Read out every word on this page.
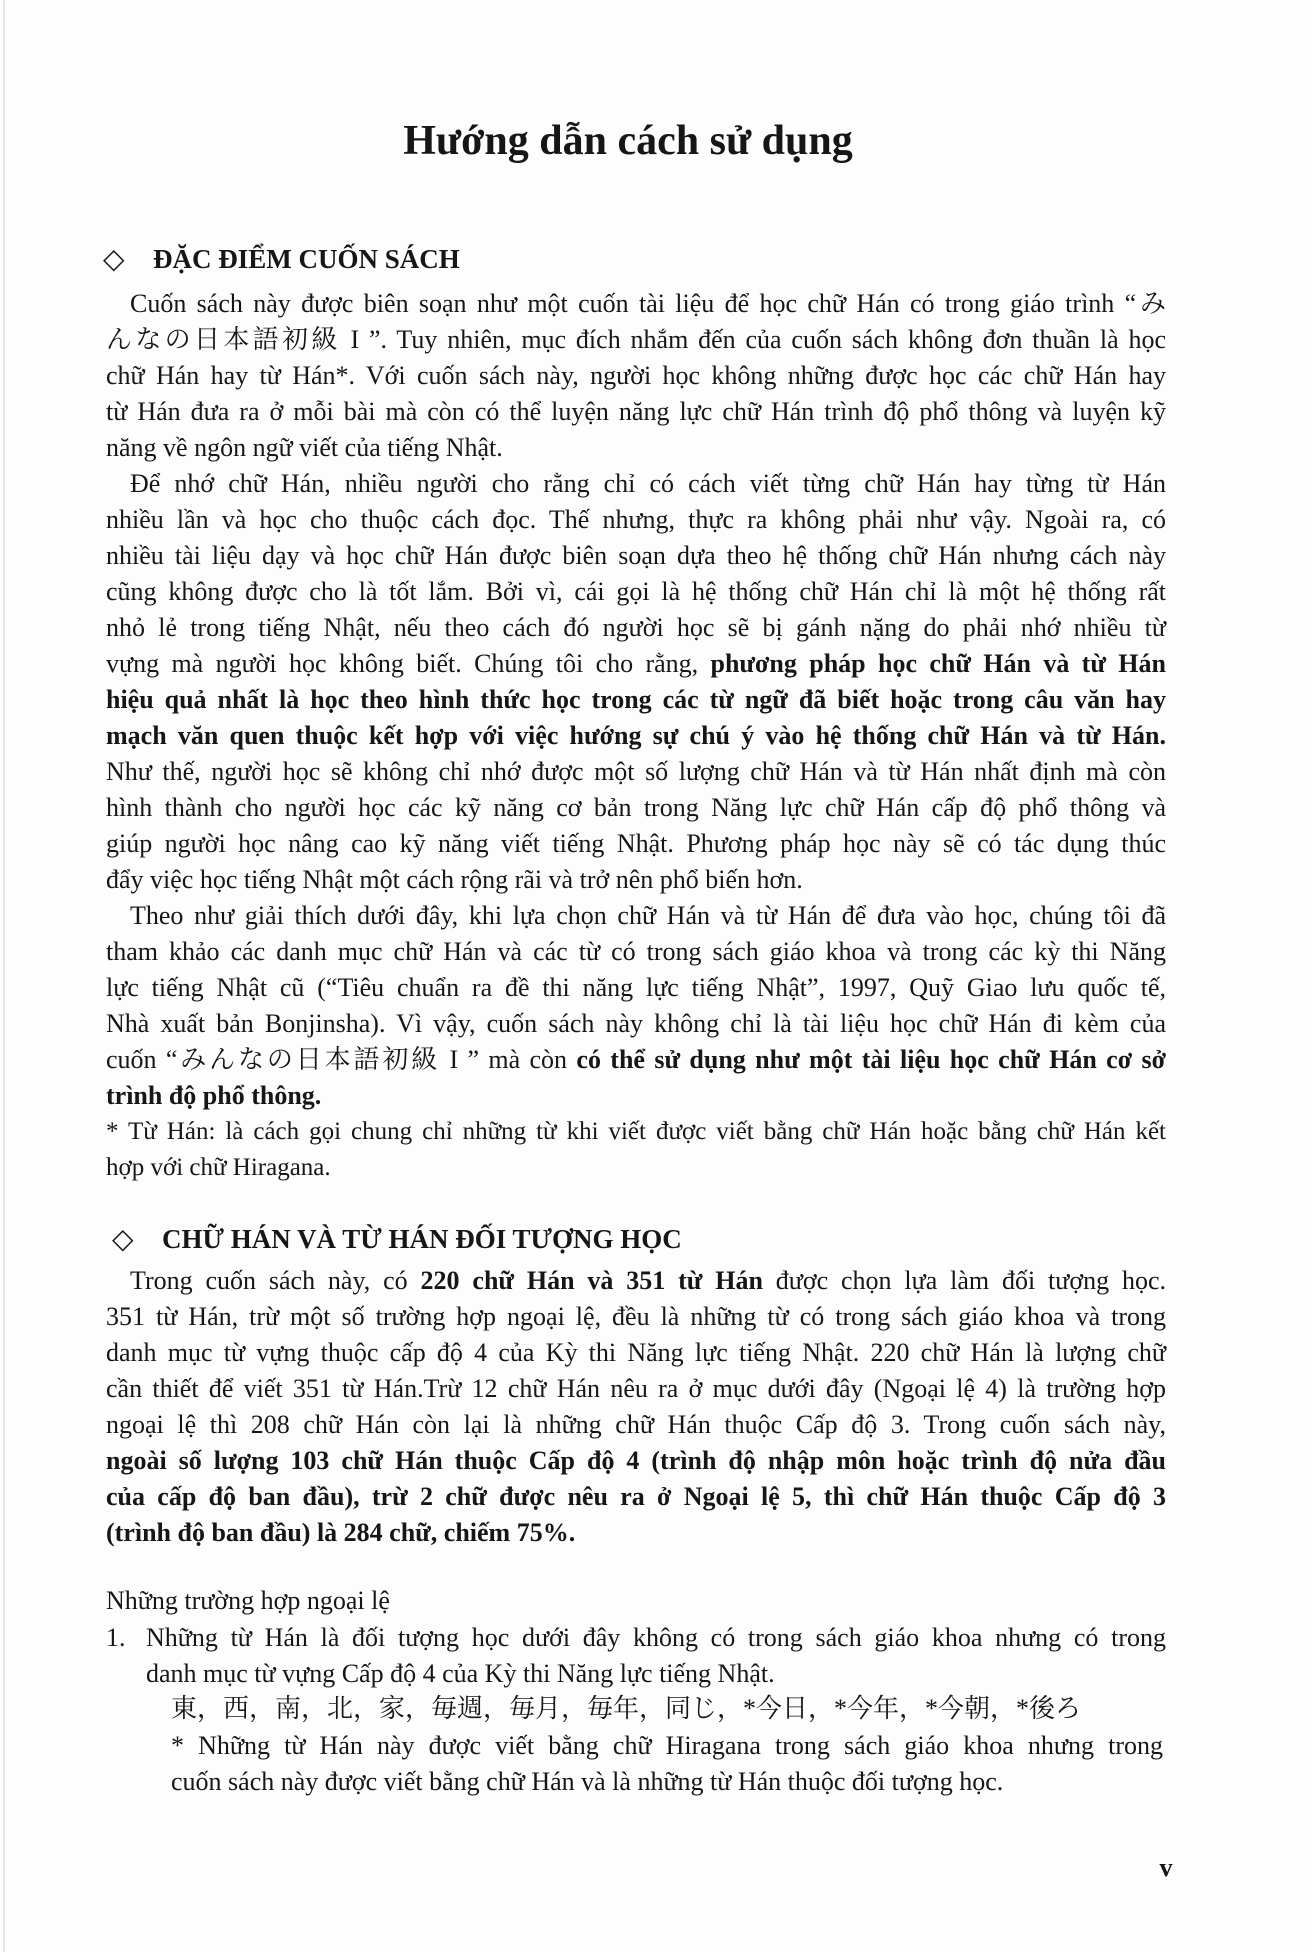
Hướng dẫn cách sử dụng
◇ ĐẶC ĐIỂM CUỐN SÁCH
Cuốn sách này được biên soạn như một cuốn tài liệu để học chữ Hán có trong giáo trình “み
んなの日本語初級 I ”. Tuy nhiên, mục đích nhắm đến của cuốn sách không đơn thuần là học
chữ Hán hay từ Hán*. Với cuốn sách này, người học không những được học các chữ Hán hay
từ Hán đưa ra ở mỗi bài mà còn có thể luyện năng lực chữ Hán trình độ phổ thông và luyện kỹ
năng về ngôn ngữ viết của tiếng Nhật.
Để nhớ chữ Hán, nhiều người cho rằng chỉ có cách viết từng chữ Hán hay từng từ Hán
nhiều lần và học cho thuộc cách đọc. Thế nhưng, thực ra không phải như vậy. Ngoài ra, có
nhiều tài liệu dạy và học chữ Hán được biên soạn dựa theo hệ thống chữ Hán nhưng cách này
cũng không được cho là tốt lắm. Bởi vì, cái gọi là hệ thống chữ Hán chỉ là một hệ thống rất
nhỏ lẻ trong tiếng Nhật, nếu theo cách đó người học sẽ bị gánh nặng do phải nhớ nhiều từ
vựng mà người học không biết. Chúng tôi cho rằng, phương pháp học chữ Hán và từ Hán
hiệu quả nhất là học theo hình thức học trong các từ ngữ đã biết hoặc trong câu văn hay
mạch văn quen thuộc kết hợp với việc hướng sự chú ý vào hệ thống chữ Hán và từ Hán.
Như thế, người học sẽ không chỉ nhớ được một số lượng chữ Hán và từ Hán nhất định mà còn
hình thành cho người học các kỹ năng cơ bản trong Năng lực chữ Hán cấp độ phổ thông và
giúp người học nâng cao kỹ năng viết tiếng Nhật. Phương pháp học này sẽ có tác dụng thúc
đẩy việc học tiếng Nhật một cách rộng rãi và trở nên phổ biến hơn.
Theo như giải thích dưới đây, khi lựa chọn chữ Hán và từ Hán để đưa vào học, chúng tôi đã
tham khảo các danh mục chữ Hán và các từ có trong sách giáo khoa và trong các kỳ thi Năng
lực tiếng Nhật cũ (“Tiêu chuẩn ra đề thi năng lực tiếng Nhật”, 1997, Quỹ Giao lưu quốc tế,
Nhà xuất bản Bonjinsha). Vì vậy, cuốn sách này không chỉ là tài liệu học chữ Hán đi kèm của
cuốn “みんなの日本語初級 I ” mà còn có thể sử dụng như một tài liệu học chữ Hán cơ sở
trình độ phổ thông.
* Từ Hán: là cách gọi chung chỉ những từ khi viết được viết bằng chữ Hán hoặc bằng chữ Hán kết
hợp với chữ Hiragana.
◇ CHỮ HÁN VÀ TỪ HÁN ĐỐI TƯỢNG HỌC
Trong cuốn sách này, có 220 chữ Hán và 351 từ Hán được chọn lựa làm đối tượng học.
351 từ Hán, trừ một số trường hợp ngoại lệ, đều là những từ có trong sách giáo khoa và trong
danh mục từ vựng thuộc cấp độ 4 của Kỳ thi Năng lực tiếng Nhật. 220 chữ Hán là lượng chữ
cần thiết để viết 351 từ Hán.Trừ 12 chữ Hán nêu ra ở mục dưới đây (Ngoại lệ 4) là trường hợp
ngoại lệ thì 208 chữ Hán còn lại là những chữ Hán thuộc Cấp độ 3. Trong cuốn sách này,
ngoài số lượng 103 chữ Hán thuộc Cấp độ 4 (trình độ nhập môn hoặc trình độ nửa đầu
của cấp độ ban đầu), trừ 2 chữ được nêu ra ở Ngoại lệ 5, thì chữ Hán thuộc Cấp độ 3
(trình độ ban đầu) là 284 chữ, chiếm 75%.
Những trường hợp ngoại lệ
1. Những từ Hán là đối tượng học dưới đây không có trong sách giáo khoa nhưng có trong
danh mục từ vựng Cấp độ 4 của Kỳ thi Năng lực tiếng Nhật.
東，西，南，北，家，毎週，毎月，毎年，同じ，*今日，*今年，*今朝，*後ろ
* Những từ Hán này được viết bằng chữ Hiragana trong sách giáo khoa nhưng trong
cuốn sách này được viết bằng chữ Hán và là những từ Hán thuộc đối tượng học.
v
